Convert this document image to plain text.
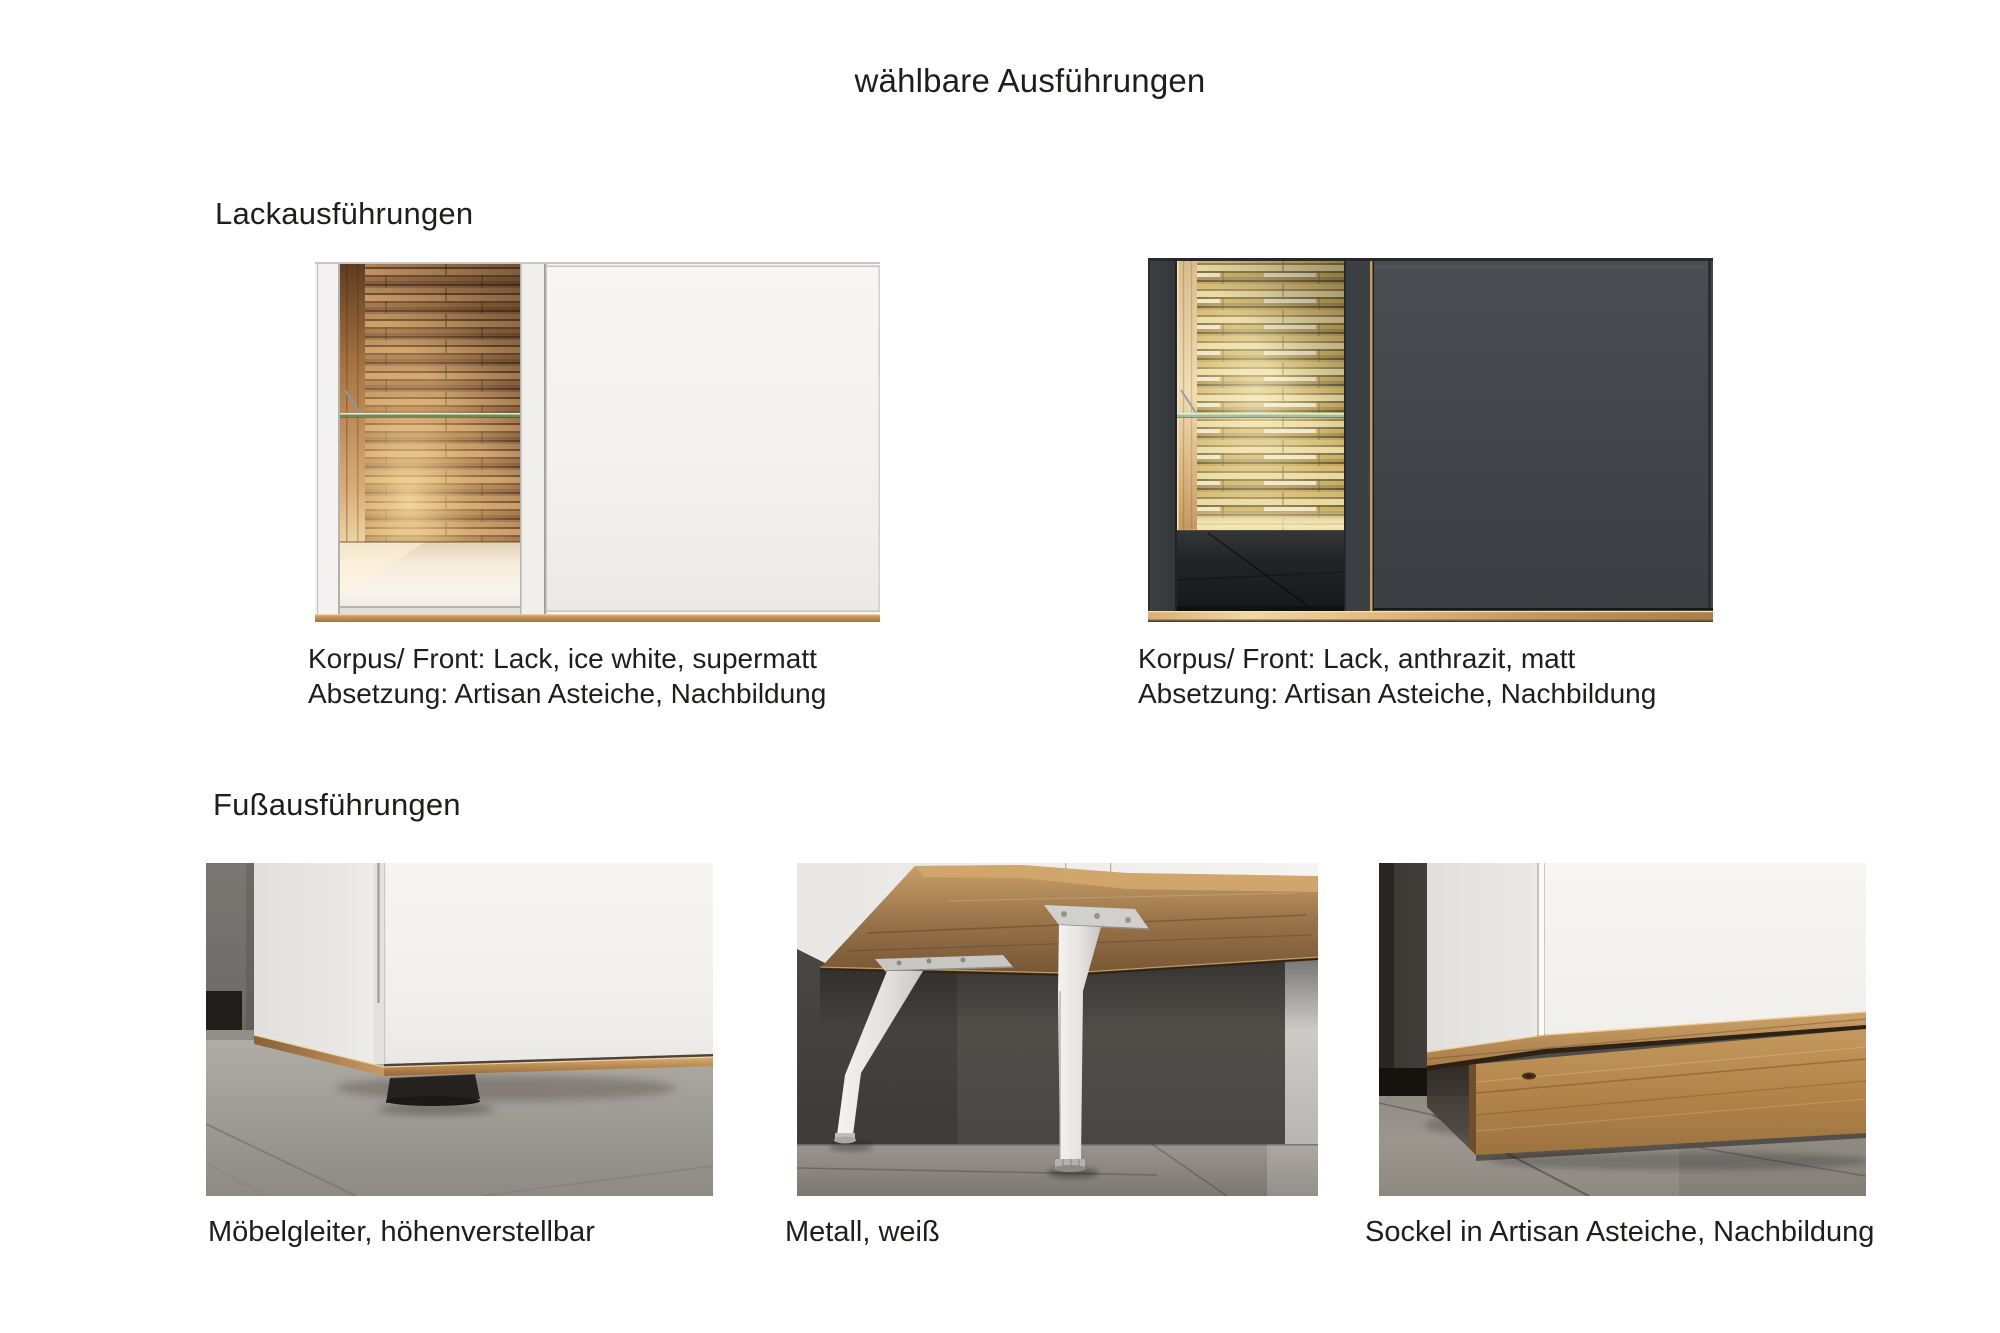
wählbare Ausführungen
Lackausführungen
Korpus/ Front: Lack, ice white, supermatt
Absetzung: Artisan Asteiche, Nachbildung
Korpus/ Front: Lack, anthrazit, matt
Absetzung: Artisan Asteiche, Nachbildung
Fußausführungen
Möbelgleiter, höhenverstellbar	Metall, weiß	Sockel in Artisan Asteiche, Nachbildung
